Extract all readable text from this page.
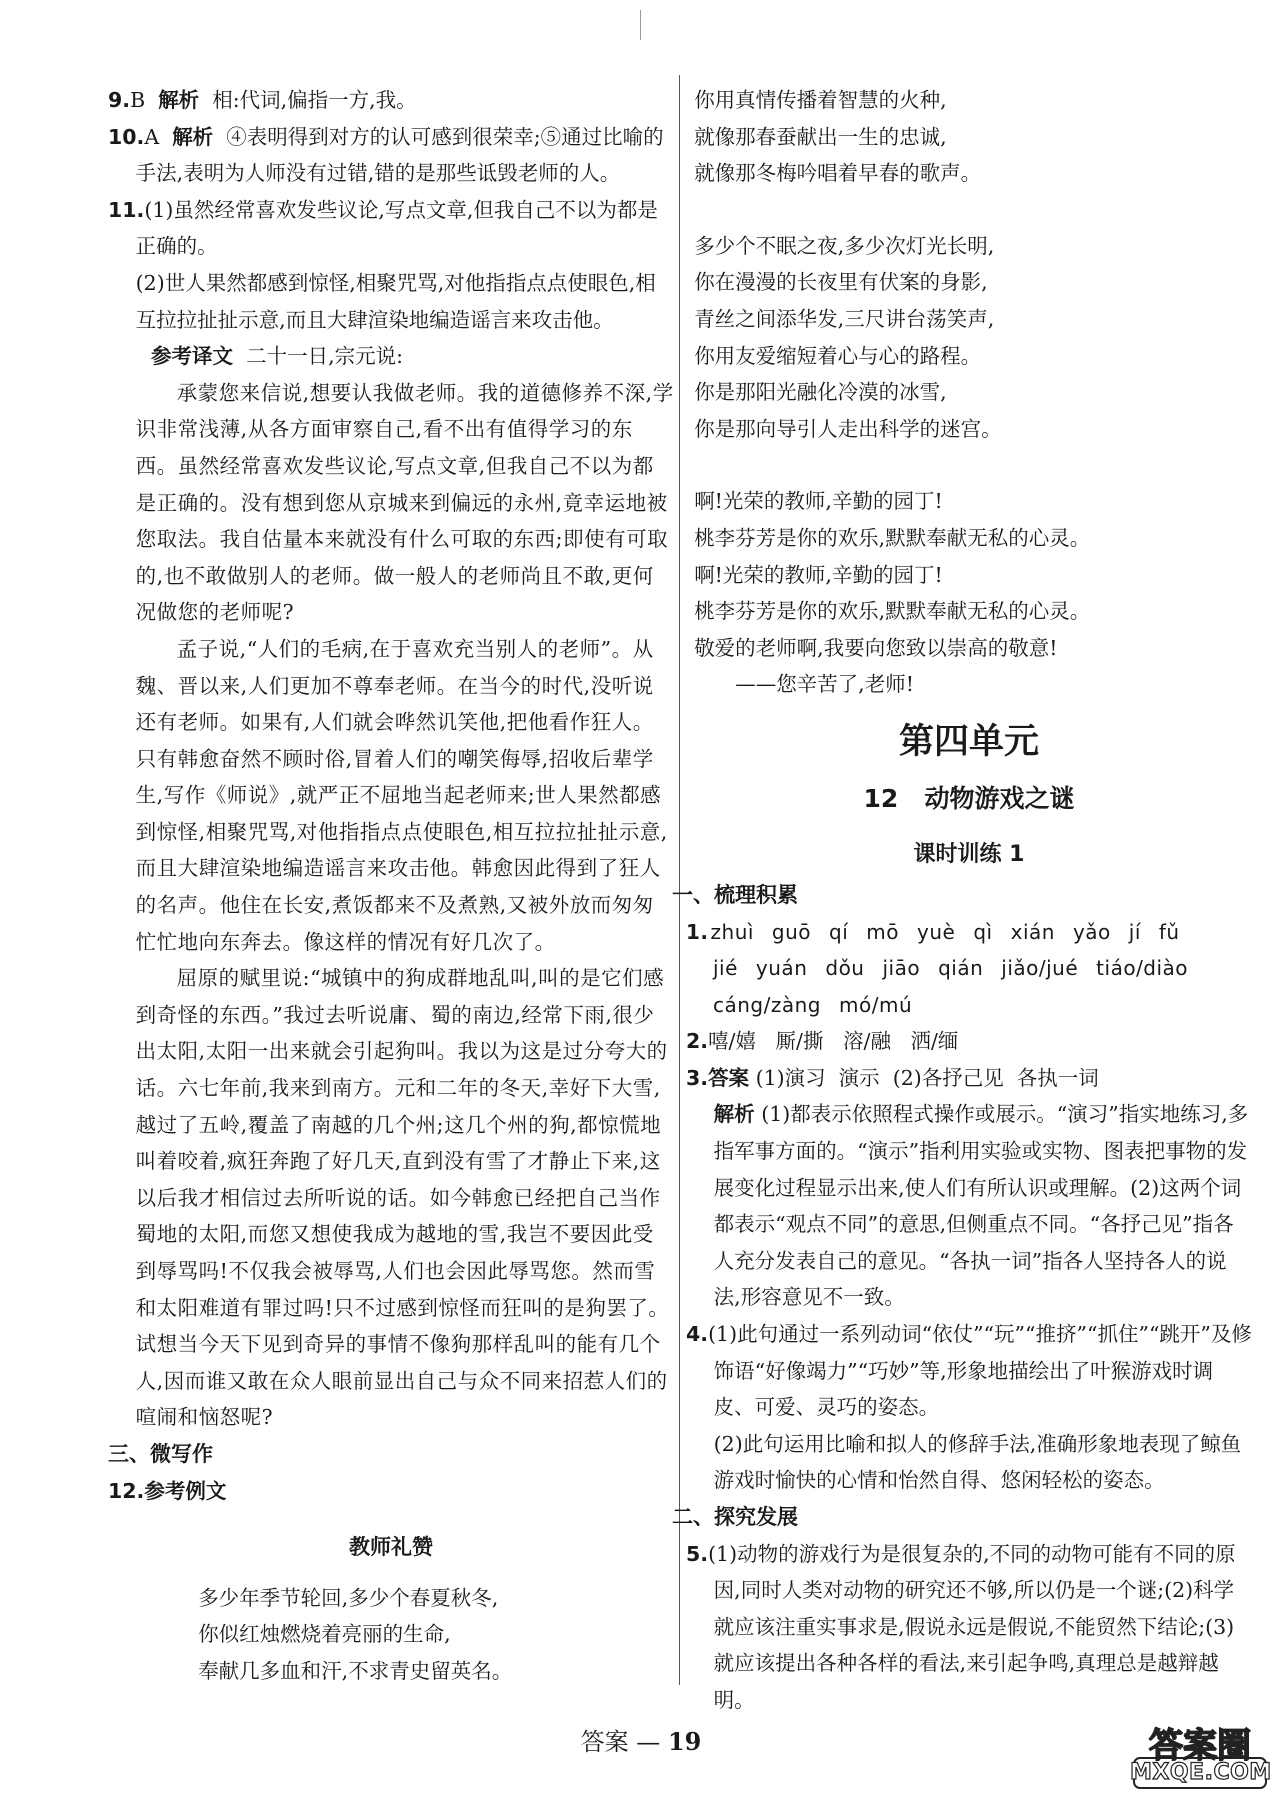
9.B 解析 相:代词,偏指一方,我。

10.A 解析 ④表明得到对方的认可感到很荣幸;⑤通过比喻的手法,表明为人师没有过错,错的是那些诋毁老师的人。

11.(1)虽然经常喜欢发些议论,写点文章,但我自己不以为都是正确的。

(2)世人果然都感到惊怪,相聚咒骂,对他指指点点使眼色,相互拉拉扯扯示意,而且大肆渲染地编造谣言来攻击他。

参考译文 二十一日,宗元说:

承蒙您来信说,想要认我做老师。我的道德修养不深,学识非常浅薄,从各方面审察自己,看不出有值得学习的东西。虽然经常喜欢发些议论,写点文章,但我自己不以为都是正确的。没有想到您从京城来到偏远的永州,竟幸运地被您取法。我自估量本来就没有什么可取的东西;即使有可取的,也不敢做别人的老师。做一般人的老师尚且不敢,更何况做您的老师呢?

孟子说,“人们的毛病,在于喜欢充当别人的老师”。从魏、晋以来,人们更加不尊奉老师。在当今的时代,没听说还有老师。如果有,人们就会哗然讥笑他,把他看作狂人。只有韩愈奋然不顾时俗,冒着人们的嘲笑侮辱,招收后辈学生,写作《师说》,就严正不屈地当起老师来;世人果然都感到惊怪,相聚咒骂,对他指指点点使眼色,相互拉拉扯扯示意,而且大肆渲染地编造谣言来攻击他。韩愈因此得到了狂人的名声。他住在长安,煮饭都来不及煮熟,又被外放而匆匆忙忙地向东奔去。像这样的情况有好几次了。

屈原的赋里说:“城镇中的狗成群地乱叫,叫的是它们感到奇怪的东西。”我过去听说庸、蜀的南边,经常下雨,很少出太阳,太阳一出来就会引起狗叫。我以为这是过分夸大的话。六七年前,我来到南方。元和二年的冬天,幸好下大雪,越过了五岭,覆盖了南越的几个州;这几个州的狗,都惊慌地叫着咬着,疯狂奔跑了好几天,直到没有雪了才静止下来,这以后我才相信过去所听说的话。如今韩愈已经把自己当作蜀地的太阳,而您又想使我成为越地的雪,我岂不要因此受到辱骂吗!不仅我会被辱骂,人们也会因此辱骂您。然而雪和太阳难道有罪过吗!只不过感到惊怪而狂叫的是狗罢了。试想当今天下见到奇异的事情不像狗那样乱叫的能有几个人,因而谁又敢在众人眼前显出自己与众不同来招惹人们的喧闹和恼怒呢?

三、微写作

12.参考例文

教师礼赞

多少年季节轮回,多少个春夏秋冬,

你似红烛燃烧着亮丽的生命,

奉献几多血和汗,不求青史留英名。

你用真情传播着智慧的火种,

就像那春蚕献出一生的忠诚,

就像那冬梅吟唱着早春的歌声。

多少个不眠之夜,多少次灯光长明,

你在漫漫的长夜里有伏案的身影,

青丝之间添华发,三尺讲台荡笑声,

你用友爱缩短着心与心的路程。

你是那阳光融化冷漠的冰雪,

你是那向导引人走出科学的迷宫。

啊!光荣的教师,辛勤的园丁!

桃李芬芳是你的欢乐,默默奉献无私的心灵。

啊!光荣的教师,辛勤的园丁!

桃李芬芳是你的欢乐,默默奉献无私的心灵。

敬爱的老师啊,我要向您致以崇高的敬意!

——您辛苦了,老师!

第四单元

12 动物游戏之谜

课时训练 1

一、梳理积累

1. zhuì guō qí mō yuè qì xián yǎo jí fǔ
jié yuán dǒu jiāo qián jiǎo/jué tiáo/diào
cáng/zàng mó/mú

2.嘻/嬉 厮/撕 溶/融 洒/缅

3.答案 (1)演习  演示  (2)各抒己见  各执一词

解析 (1)都表示依照程式操作或展示。“演习”指实地练习,多指军事方面的。“演示”指利用实验或实物、图表把事物的发展变化过程显示出来,使人们有所认识或理解。(2)这两个词都表示“观点不同”的意思,但侧重点不同。“各抒己见”指各人充分发表自己的意见。“各执一词”指各人坚持各人的说法,形容意见不一致。

4.(1)此句通过一系列动词“依仗”“玩”“推挤”“抓住”“跳开”及修饰语“好像竭力”“巧妙”等,形象地描绘出了叶猴游戏时调皮、可爱、灵巧的姿态。

(2)此句运用比喻和拟人的修辞手法,准确形象地表现了鲸鱼游戏时愉快的心情和怡然自得、悠闲轻松的姿态。

二、探究发展

5.(1)动物的游戏行为是很复杂的,不同的动物可能有不同的原因,同时人类对动物的研究还不够,所以仍是一个谜;(2)科学就应该注重实事求是,假说永远是假说,不能贸然下结论;(3)就应该提出各种各样的看法,来引起争鸣,真理总是越辩越明。

答案 — 19	答案圈
MXQE.COM
